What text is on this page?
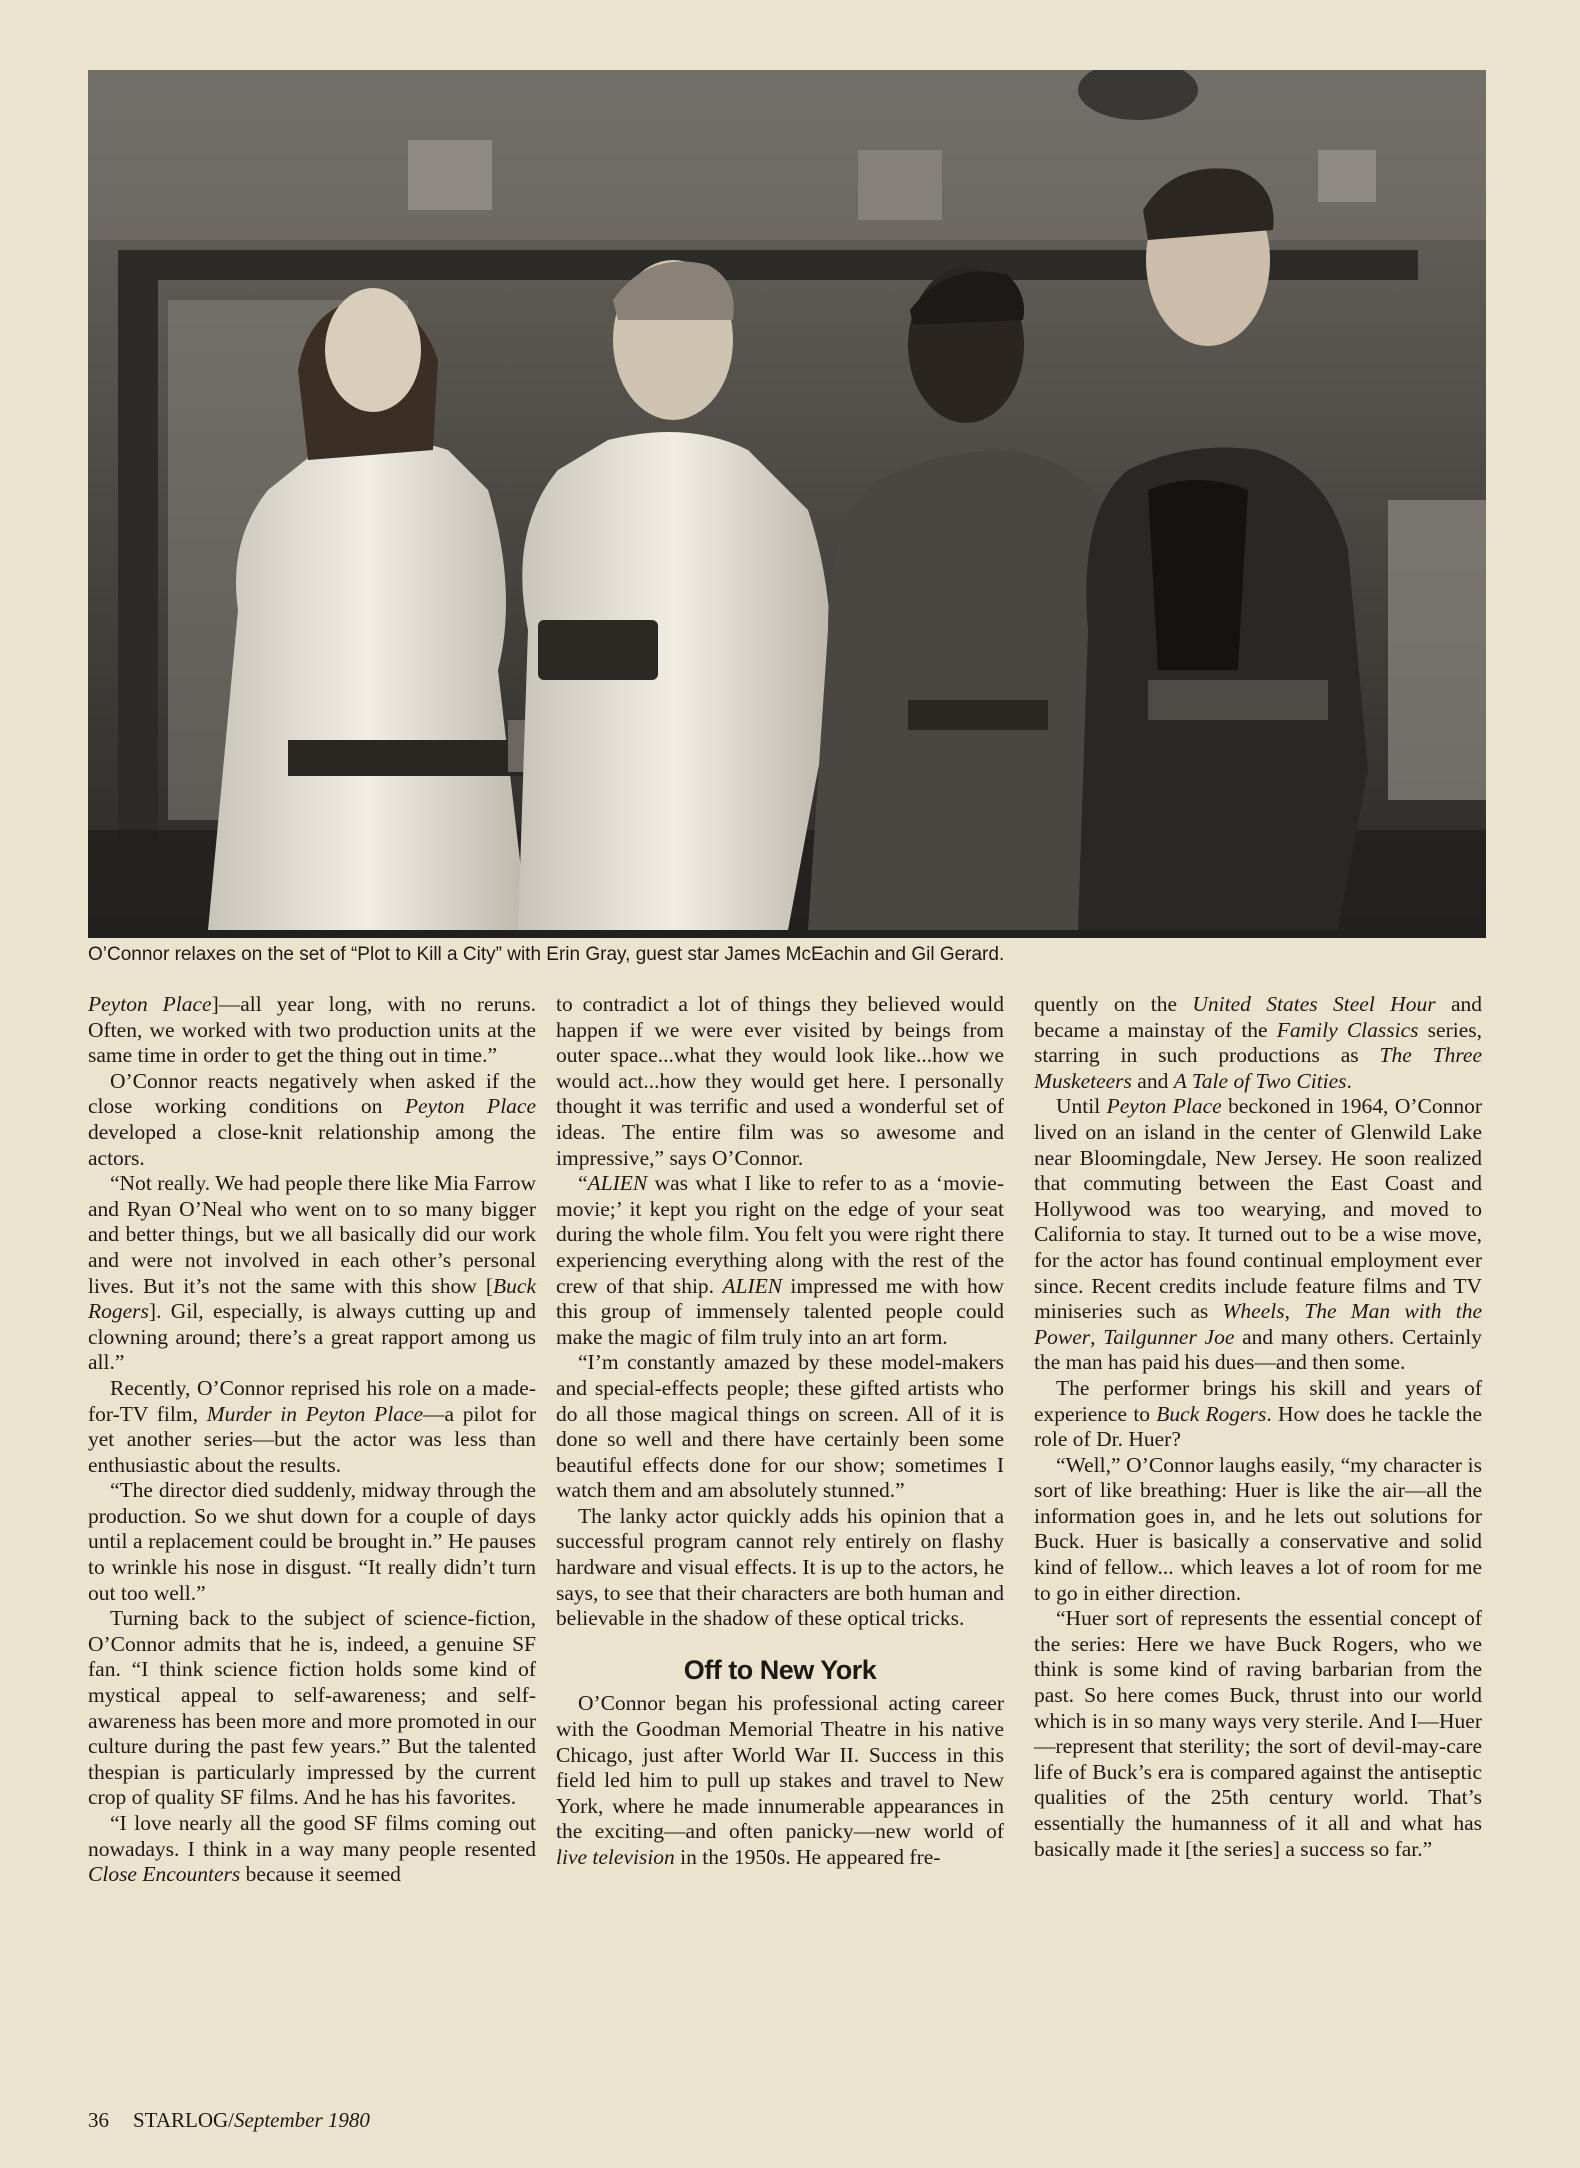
O’Connor relaxes on the set of “Plot to Kill a City” with Erin Gray, guest star James McEachin and Gil Gerard.

Peyton Place]—all year long, with no reruns. Often, we worked with two production units at the same time in order to get the thing out in time.”

O’Connor reacts negatively when asked if the close working conditions on Peyton Place developed a close-knit relationship among the actors.

“Not really. We had people there like Mia Farrow and Ryan O’Neal who went on to so many bigger and better things, but we all basically did our work and were not involved in each other’s personal lives. But it’s not the same with this show [Buck Rogers]. Gil, especially, is always cutting up and clowning around; there’s a great rapport among us all.”

Recently, O’Connor reprised his role on a made-for-TV film, Murder in Peyton Place—a pilot for yet another series—but the actor was less than enthusiastic about the results.

“The director died suddenly, midway through the production. So we shut down for a couple of days until a replacement could be brought in.” He pauses to wrinkle his nose in disgust. “It really didn’t turn out too well.”

Turning back to the subject of science-fiction, O’Connor admits that he is, indeed, a genuine SF fan. “I think science fiction holds some kind of mystical appeal to self-awareness; and self-awareness has been more and more promoted in our culture during the past few years.” But the talented thespian is particularly impressed by the current crop of quality SF films. And he has his favorites.

“I love nearly all the good SF films coming out nowadays. I think in a way many people resented Close Encounters because it seemed

to contradict a lot of things they believed would happen if we were ever visited by beings from outer space...what they would look like...how we would act...how they would get here. I personally thought it was terrific and used a wonderful set of ideas. The entire film was so awesome and impressive,” says O’Connor.

“ALIEN was what I like to refer to as a ‘movie-movie;’ it kept you right on the edge of your seat during the whole film. You felt you were right there experiencing everything along with the rest of the crew of that ship. ALIEN impressed me with how this group of immensely talented people could make the magic of film truly into an art form.

“I’m constantly amazed by these model-makers and special-effects people; these gifted artists who do all those magical things on screen. All of it is done so well and there have certainly been some beautiful effects done for our show; sometimes I watch them and am absolutely stunned.”

The lanky actor quickly adds his opinion that a successful program cannot rely entirely on flashy hardware and visual effects. It is up to the actors, he says, to see that their characters are both human and believable in the shadow of these optical tricks.

Off to New York

O’Connor began his professional acting career with the Goodman Memorial Theatre in his native Chicago, just after World War II. Success in this field led him to pull up stakes and travel to New York, where he made innumerable appearances in the exciting—and often panicky—new world of live television in the 1950s. He appeared fre-

quently on the United States Steel Hour and became a mainstay of the Family Classics series, starring in such productions as The Three Musketeers and A Tale of Two Cities.

Until Peyton Place beckoned in 1964, O’Connor lived on an island in the center of Glenwild Lake near Bloomingdale, New Jersey. He soon realized that commuting between the East Coast and Hollywood was too wearying, and moved to California to stay. It turned out to be a wise move, for the actor has found continual employment ever since. Recent credits include feature films and TV miniseries such as Wheels, The Man with the Power, Tailgunner Joe and many others. Certainly the man has paid his dues—and then some.

The performer brings his skill and years of experience to Buck Rogers. How does he tackle the role of Dr. Huer?

“Well,” O’Connor laughs easily, “my character is sort of like breathing: Huer is like the air—all the information goes in, and he lets out solutions for Buck. Huer is basically a conservative and solid kind of fellow... which leaves a lot of room for me to go in either direction.

“Huer sort of represents the essential concept of the series: Here we have Buck Rogers, who we think is some kind of raving barbarian from the past. So here comes Buck, thrust into our world which is in so many ways very sterile. And I—Huer—represent that sterility; the sort of devil-may-care life of Buck’s era is compared against the antiseptic qualities of the 25th century world. That’s essentially the humanness of it all and what has basically made it [the series] a success so far.”

36 STARLOG/September 1980
